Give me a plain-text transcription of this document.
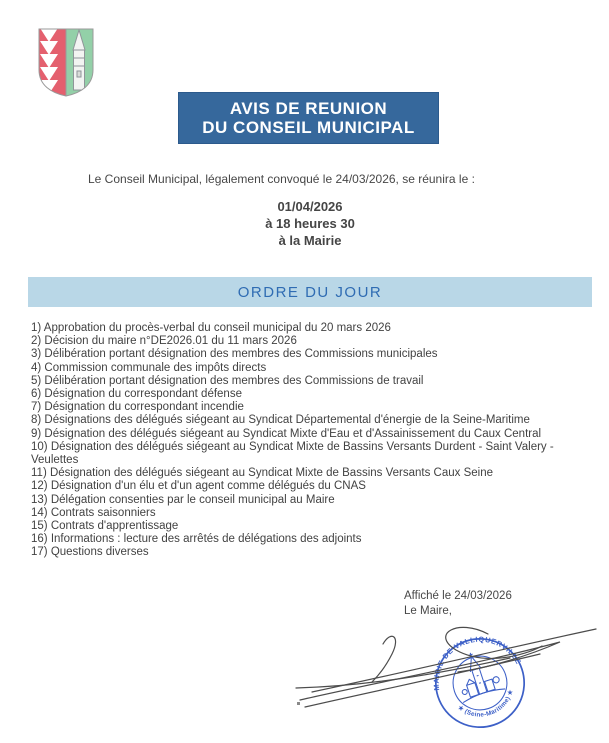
AVIS DE REUNION
DU CONSEIL MUNICIPAL

Le Conseil Municipal, légalement convoqué le 24/03/2026, se réunira le :

01/04/2026
à 18 heures 30
à la Mairie
ORDRE DU JOUR
1) Approbation du procès-verbal du conseil municipal du 20 mars 2026
2) Décision du maire n°DE2026.01 du 11 mars 2026
3) Délibération portant désignation des membres des Commissions municipales
4) Commission communale des impôts directs
5) Délibération portant désignation des membres des Commissions de travail
6) Désignation du correspondant défense
7) Désignation du correspondant incendie
8) Désignations des délégués siégeant au Syndicat Départemental d'énergie de la Seine-Maritime
9) Désignation des délégués siégeant au Syndicat Mixte d'Eau et d'Assainissement du Caux Central
10) Désignation des délégués siégeant au Syndicat Mixte de Bassins Versants Durdent - Saint Valery - Veulettes
11) Désignation des délégués siégeant au Syndicat Mixte de Bassins Versants Caux Seine
12) Désignation d'un élu et d'un agent comme délégués du CNAS
13) Délégation consenties par le conseil municipal au Maire
14) Contrats saisonniers
15) Contrats d'apprentissage
16) Informations : lecture des arrêtés de délégations des adjoints
17) Questions diverses
Affiché le 24/03/2026
Le Maire,
MAIRIE DE VALLIQUERVILLE
★ (Seine-Maritime) ★
